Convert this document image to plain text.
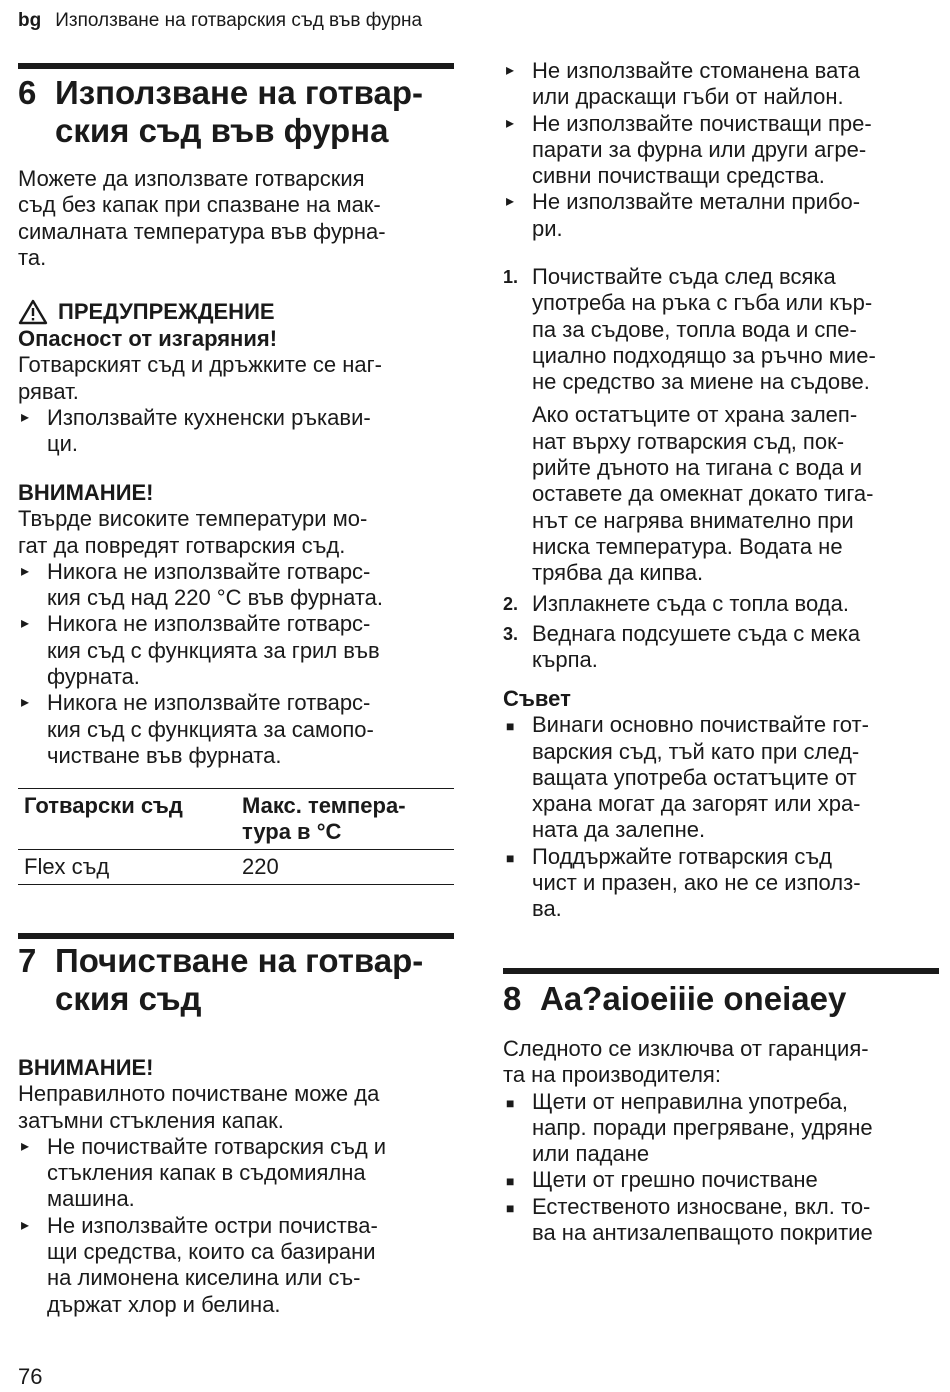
bg Използване на готварския съд във фурна
6 Използване на готвар-
ския съд във фурна
Можете да използвате готварския
съд без капак при спазване на мак-
сималната температура във фурна-
та.
ПРЕДУПРЕЖДЕНИЕ
Опасност от изгаряния!
Готварският съд и дръжките се наг-
ряват.
▸ Използвайте кухненски ръкави-
ци.
ВНИМАНИЕ!
Твърде високите температури мо-
гат да повредят готварския съд.
▸ Никога не използвайте готварс-
кия съд над 220 °C във фурната.
▸ Никога не използвайте готварс-
кия съд с функцията за грил във
фурната.
▸ Никога не използвайте готварс-
кия съд с функцията за самопо-
чистване във фурната.
Готварски съд	Макс. темпера-
тура в °C

Flex съд	220
7 Почистване на готвар-
ския съд
ВНИМАНИЕ!
Неправилното почистване може да
затъмни стъкления капак.
▸ Не почиствайте готварския съд и
стъкления капак в съдомиялна
машина.
▸ Не използвайте остри почиства-
щи средства, които са базирани
на лимонена киселина или съ-
държат хлор и белина.
▸ Не използвайте стоманена вата
или драскащи гъби от найлон.
▸ Не използвайте почистващи пре-
парати за фурна или други агре-
сивни почистващи средства.
▸ Не използвайте метални прибо-
ри.
1. Почиствайте съда след всяка
употреба на ръка с гъба или кър-
па за съдове, топла вода и спе-
циално подходящо за ръчно мие-
не средство за миене на съдове.
Ако остатъците от храна залеп-
нат върху готварския съд, пок-
рийте дъното на тигана с вода и
оставете да омекнат докато тига-
нът се нагрява внимателно при
ниска температура. Водата не
трябва да кипва.
2. Изплакнете съда с топла вода.
3. Веднага подсушете съда с мека
кърпа.
Съвет
■ Винаги основно почиствайте гот-
варския съд, тъй като при след-
ващата употреба остатъците от
храна могат да загорят или хра-
ната да залепне.
■ Поддържайте готварския съд
чист и празен, ако не се използ-
ва.
8 Aa?aioeiiie oneiaey
Следното се изключва от гаранция-
та на производителя:
■ Щети от неправилна употреба,
напр. поради прегряване, удряне
или падане
■ Щети от грешно почистване
■ Естественото износване, вкл. то-
ва на антизалепващото покритие
76
